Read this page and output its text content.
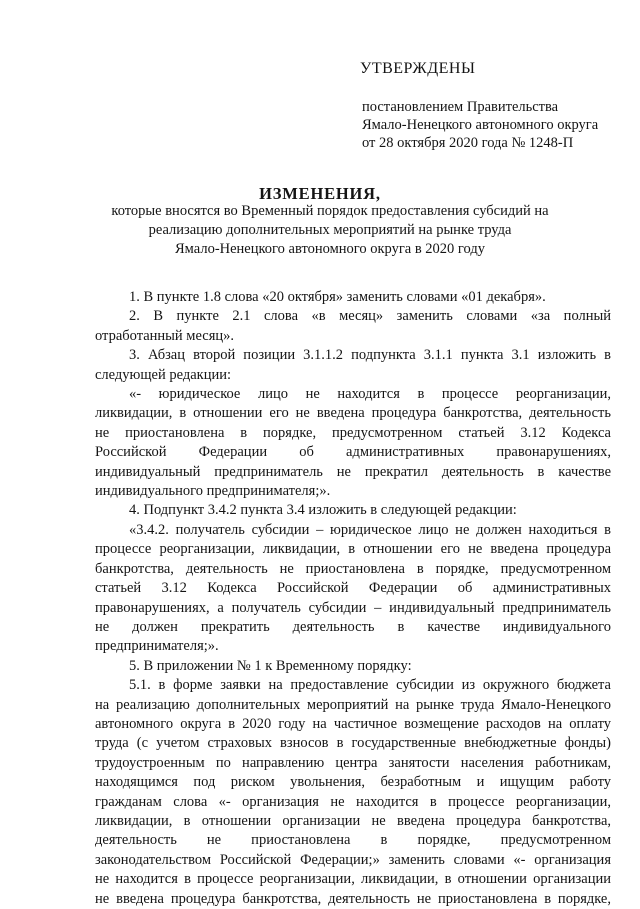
УТВЕРЖДЕНЫ
постановлением Правительства
Ямало-Ненецкого автономного округа
от 28 октября 2020 года № 1248-П
ИЗМЕНЕНИЯ,
которые вносятся во Временный порядок предоставления субсидий на
реализацию дополнительных мероприятий на рынке труда
Ямало-Ненецкого автономного округа в 2020 году
1. В пункте 1.8 слова «20 октября» заменить словами «01 декабря».
2. В пункте 2.1 слова «в месяц» заменить словами «за полный
отработанный месяц».
3. Абзац второй позиции 3.1.1.2 подпункта 3.1.1 пункта 3.1 изложить в
следующей редакции:
«- юридическое лицо не находится в процессе реорганизации,
ликвидации, в отношении его не введена процедура банкротства, деятельность
не приостановлена в порядке, предусмотренном статьей 3.12 Кодекса
Российской Федерации об административных правонарушениях,
индивидуальный предприниматель не прекратил деятельность в качестве
индивидуального предпринимателя;».
4. Подпункт 3.4.2 пункта 3.4 изложить в следующей редакции:
«3.4.2. получатель субсидии – юридическое лицо не должен находиться в
процессе реорганизации, ликвидации, в отношении его не введена процедура
банкротства, деятельность не приостановлена в порядке, предусмотренном
статьей 3.12 Кодекса Российской Федерации об административных
правонарушениях, а получатель субсидии – индивидуальный предприниматель
не должен прекратить деятельность в качестве индивидуального
предпринимателя;».
5. В приложении № 1 к Временному порядку:
5.1. в форме заявки на предоставление субсидии из окружного бюджета
на реализацию дополнительных мероприятий на рынке труда Ямало-Ненецкого
автономного округа в 2020 году на частичное возмещение расходов на оплату
труда (с учетом страховых взносов в государственные внебюджетные фонды)
трудоустроенным по направлению центра занятости населения работникам,
находящимся под риском увольнения, безработным и ищущим работу
гражданам слова «- организация не находится в процессе реорганизации,
ликвидации, в отношении организации не введена процедура банкротства,
деятельность не приостановлена в порядке, предусмотренном
законодательством Российской Федерации;» заменить словами «- организация
не находится в процессе реорганизации, ликвидации, в отношении организации
не введена процедура банкротства, деятельность не приостановлена в порядке,
